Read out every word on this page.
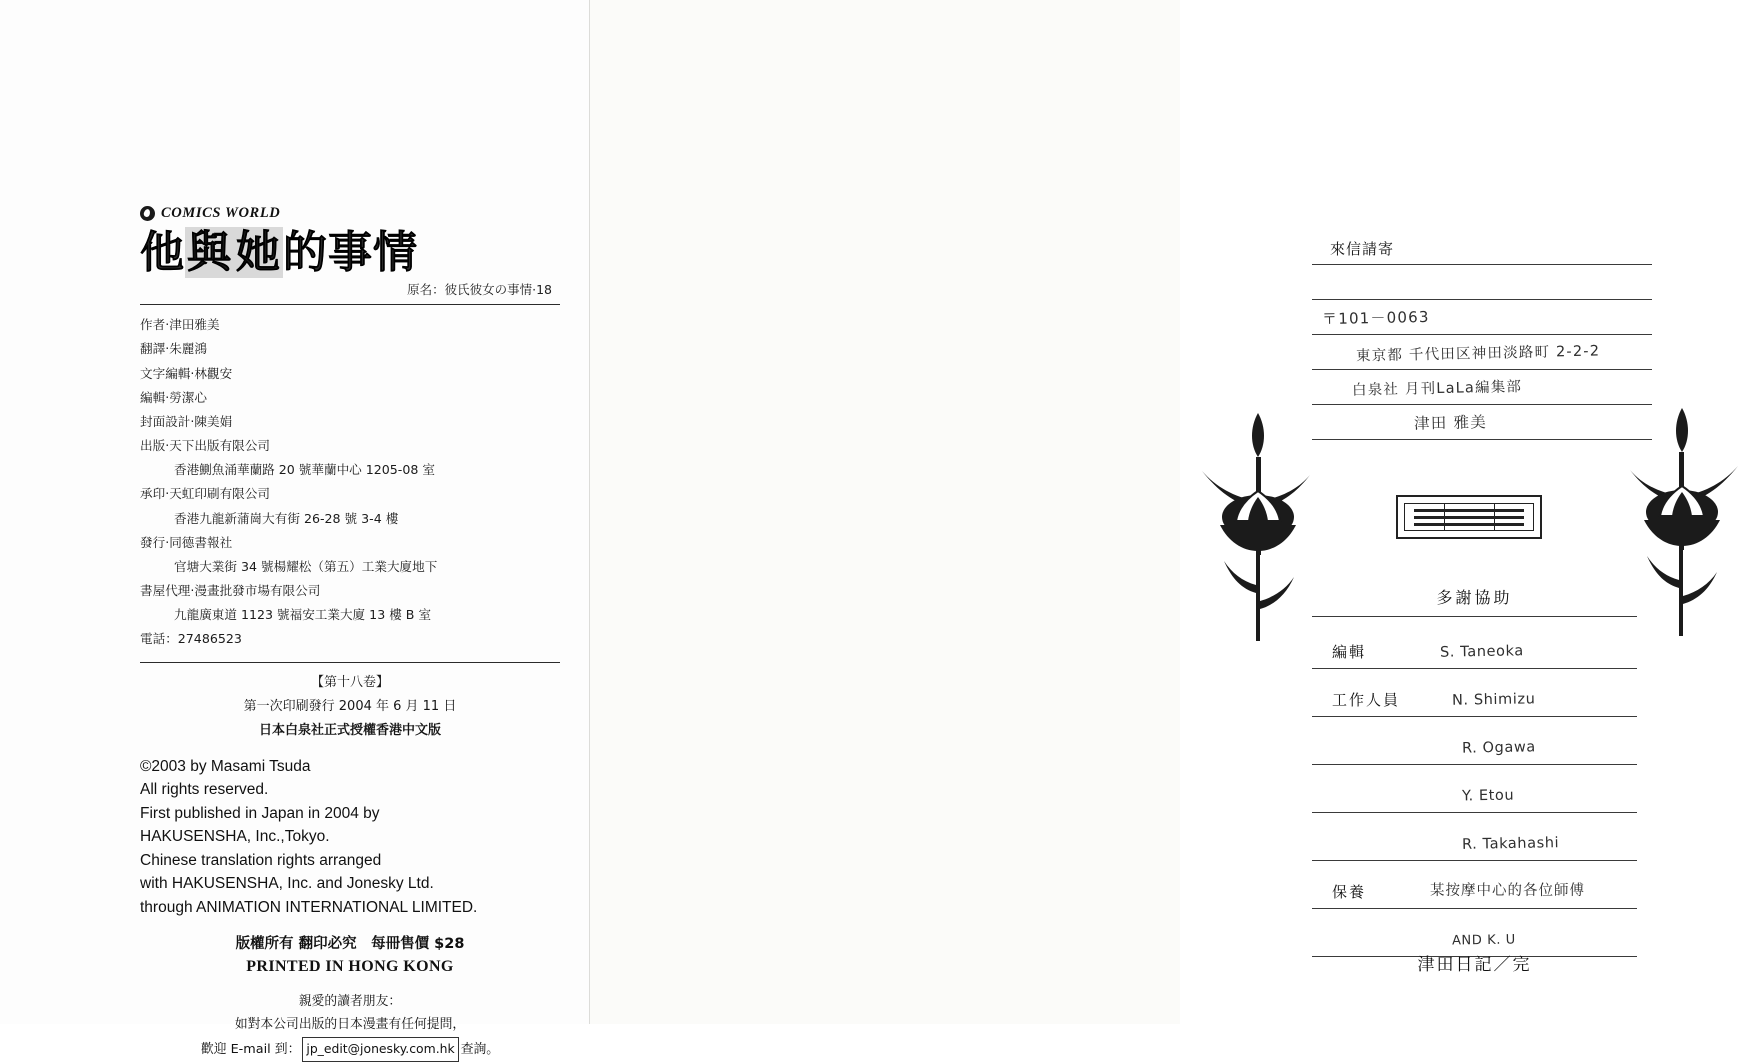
COMICS WORLD
他與她的事情
原名：彼氏彼女の事情·18
作者‧津田雅美
翻譯‧朱麗鴻
文字編輯‧林觀安
編輯‧勞潔心
封面設計‧陳美娟
出版‧天下出版有限公司
香港鰂魚涌華蘭路 20 號華蘭中心 1205-08 室
承印‧天虹印刷有限公司
香港九龍新蒲崗大有街 26-28 號 3-4 樓
發行‧同德書報社
官塘大業街 34 號楊耀松（第五）工業大廈地下
書屋代理‧漫畫批發市場有限公司
九龍廣東道 1123 號福安工業大廈 13 樓 B 室
電話：27486523
【第十八卷】
第一次印刷發行 2004 年 6 月 11 日
日本白泉社正式授權香港中文版
©2003 by Masami Tsuda
All rights reserved.
First published in Japan in 2004 by
HAKUSENSHA, Inc.,Tokyo.
Chinese translation rights arranged
with HAKUSENSHA, Inc. and Jonesky Ltd.
through ANIMATION INTERNATIONAL LIMITED.
版權所有 翻印必究　每冊售價 $28
PRINTED IN HONG KONG
親愛的讀者朋友：
如對本公司出版的日本漫畫有任何提問，
歡迎 E-mail 到： jp_edit@jonesky.com.hk 查詢。
來信請寄
〒101－0063
東京都 千代田区神田淡路町 2-2-2
白泉社 月刊LaLa編集部
津田 雅美
多謝協助
編輯	S. Taneoka
工作人員	N. Shimizu
R. Ogawa
Y. Etou
R. Takahashi
保養	某按摩中心的各位師傅
AND K. U
津田日記／完
